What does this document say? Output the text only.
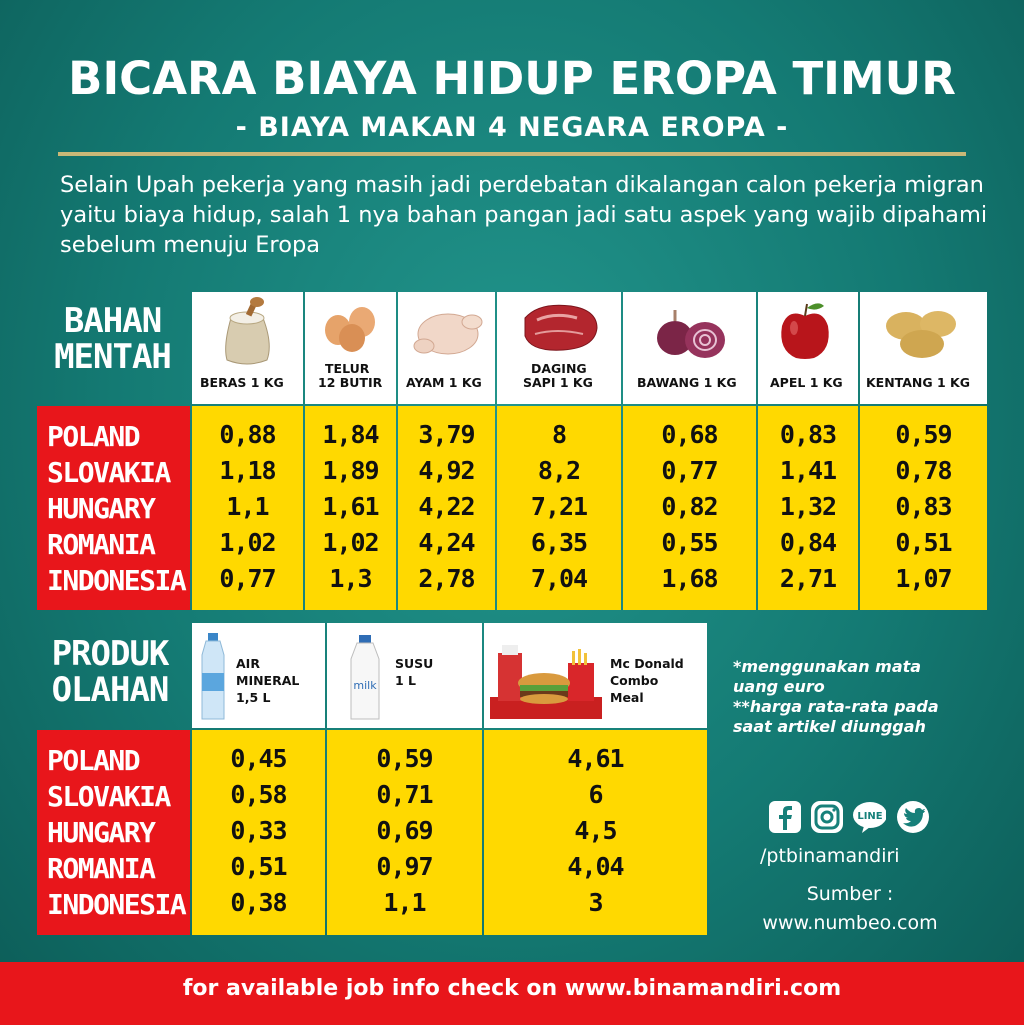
BICARA BIAYA HIDUP EROPA TIMUR
- BIAYA MAKAN 4 NEGARA EROPA -
Selain Upah pekerja yang masih jadi perdebatan dikalangan calon pekerja migran yaitu biaya hidup, salah 1 nya bahan pangan jadi satu aspek yang wajib dipahami sebelum menuju Eropa
BAHAN
MENTAH
BERAS 1 KG
TELUR
12 BUTIR AYAM 1 KG
DAGING
SAPI 1 KG	BAWANG 1 KG	APEL 1 KG KENTANG 1 KG
POLAND
SLOVAKIA
HUNGARY
ROMANIA
INDONESIA
0,88
1,18
1,1
1,02
0,77
1,84
1,89
1,61
1,02
1,3
3,79
4,92
4,22
4,24
2,78
8
8,2
7,21
6,35
7,04
0,68
0,77
0,82
0,55
1,68
0,83
1,41
1,32
0,84
2,71
0,59
0,78
0,83
0,51
1,07
PRODUK
OLAHAN
AIR
MINERAL
1,5 L
milk
SUSU
1 L
Mc Donald
Combo
Meal
POLAND
SLOVAKIA
HUNGARY
ROMANIA
INDONESIA
0,45
0,58
0,33
0,51
0,38
0,59
0,71
0,69
0,97
1,1
4,61
6
4,5
4,04
3
*menggunakan mata
uang euro
**harga rata-rata pada
saat artikel diunggah
LINE
/ptbinamandiri
Sumber :
www.numbeo.com
for available job info check on www.binamandiri.com
